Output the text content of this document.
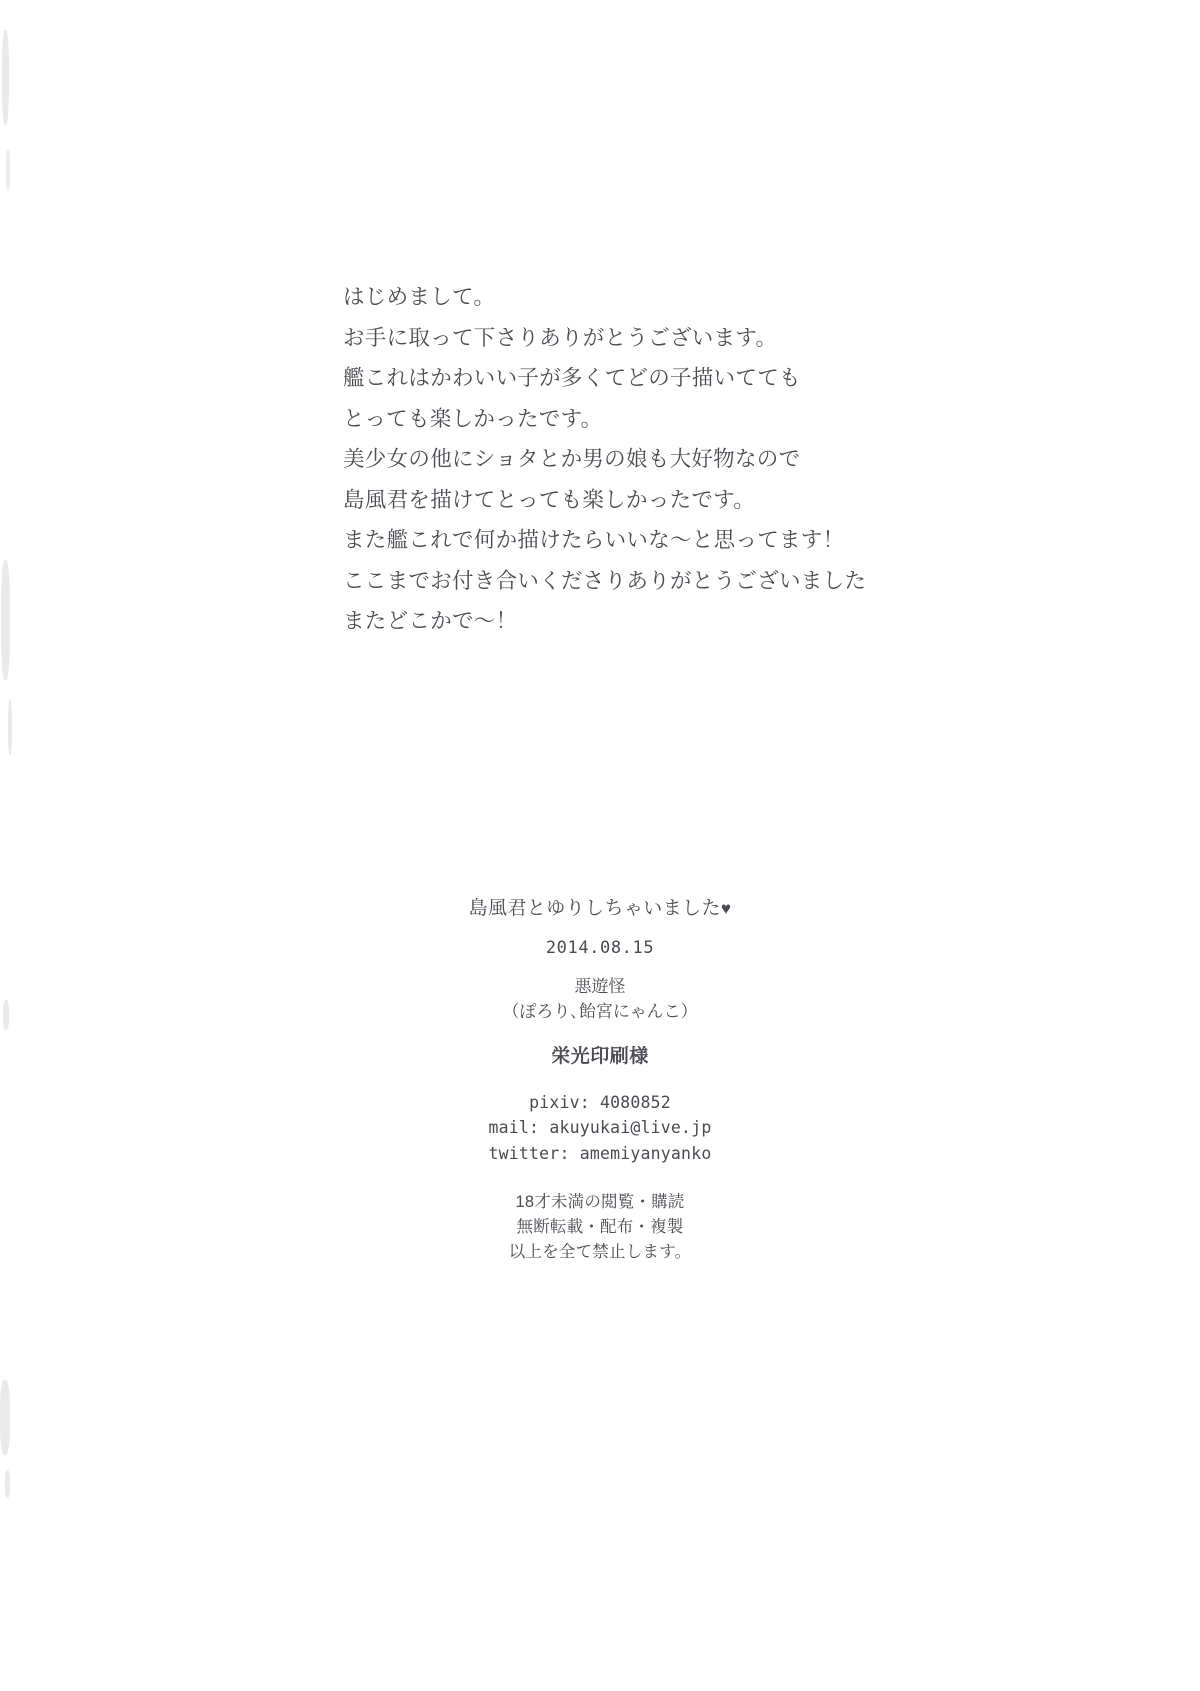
はじめまして。

お手に取って下さりありがとうございます。

艦これはかわいい子が多くてどの子描いてても

とっても楽しかったです。

美少女の他にショタとか男の娘も大好物なので

島風君を描けてとっても楽しかったです。

また艦これで何か描けたらいいな〜と思ってます！

ここまでお付き合いくださりありがとうございました

またどこかで〜！

島風君とゆりしちゃいました♥
2014.08.15
悪遊怪
（ぽろり､飴宮にゃんこ）
栄光印刷様
pixiv: 4080852
mail: akuyukai@live.jp
twitter: amemiyanyanko
18才未満の閲覧・購読
無断転載・配布・複製
以上を全て禁止します。
